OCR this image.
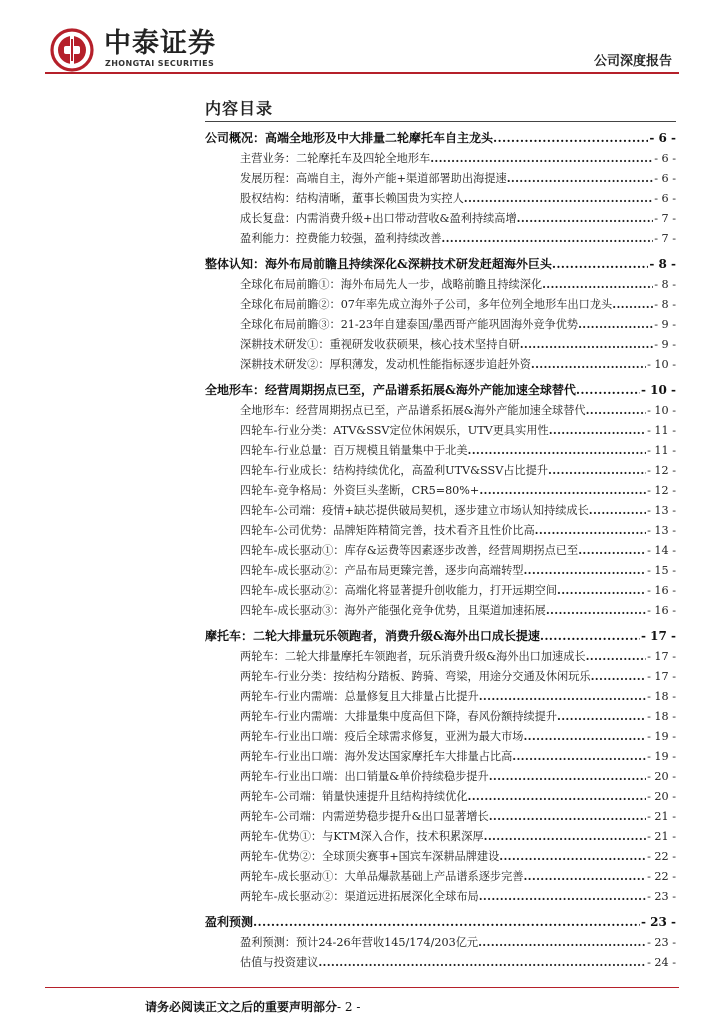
中泰证券
ZHONGTAI SECURITIES	公司深度报告
内容目录
公司概况：高端全地形及中大排量二轮摩托车自主龙头 .....	- 6 -
主营业务：二轮摩托车及四轮全地形车 .....	- 6 -
发展历程：高端自主，海外产能+渠道部署助出海提速 .....	- 6 -
股权结构：结构清晰，董事长赖国贵为实控人 .....	- 6 -
成长复盘：内需消费升级+出口带动营收&盈利持续高增 .....	- 7 -
盈利能力：控费能力较强，盈利持续改善 .....	- 7 -
整体认知：海外布局前瞻且持续深化&深耕技术研发赶超海外巨头 .....	- 8 -
全球化布局前瞻①：海外布局先人一步，战略前瞻且持续深化 .....	- 8 -
全球化布局前瞻②：07年率先成立海外子公司，多年位列全地形车出口龙头 .....	- 8 -
全球化布局前瞻③：21-23年自建泰国/墨西哥产能巩固海外竞争优势 .....	- 9 -
深耕技术研发①：重视研发收获硕果，核心技术坚持自研 .....	- 9 -
深耕技术研发②：厚积薄发，发动机性能指标逐步追赶外资 .....	- 10 -
全地形车：经营周期拐点已至，产品谱系拓展&海外产能加速全球替代 .....	- 10 -
全地形车：经营周期拐点已至，产品谱系拓展&海外产能加速全球替代 .....	- 10 -
四轮车-行业分类：ATV&SSV定位休闲娱乐，UTV更具实用性 .....	- 11 -
四轮车-行业总量：百万规模且销量集中于北美 .....	- 11 -
四轮车-行业成长：结构持续优化，高盈利UTV&SSV占比提升 .....	- 12 -
四轮车-竞争格局：外资巨头垄断，CR5=80%+ .....	- 12 -
四轮车-公司端：疫情+缺芯提供破局契机，逐步建立市场认知持续成长 .....	- 13 -
四轮车-公司优势：品牌矩阵精简完善，技术看齐且性价比高 .....	- 13 -
四轮车-成长驱动①：库存&运费等因素逐步改善，经营周期拐点已至 .....	- 14 -
四轮车-成长驱动②：产品布局更臻完善，逐步向高端转型 .....	- 15 -
四轮车-成长驱动②：高端化将显著提升创收能力，打开远期空间 .....	- 16 -
四轮车-成长驱动③：海外产能强化竞争优势，且渠道加速拓展 .....	- 16 -
摩托车：二轮大排量玩乐领跑者，消费升级&海外出口成长提速 .....	- 17 -
两轮车：二轮大排量摩托车领跑者，玩乐消费升级&海外出口加速成长 .....	- 17 -
两轮车-行业分类：按结构分踏板、跨骑、弯梁，用途分交通及休闲玩乐 .....	- 17 -
两轮车-行业内需端：总量修复且大排量占比提升 .....	- 18 -
两轮车-行业内需端：大排量集中度高但下降，春风份额持续提升 .....	- 18 -
两轮车-行业出口端：疫后全球需求修复，亚洲为最大市场 .....	- 19 -
两轮车-行业出口端：海外发达国家摩托车大排量占比高 .....	- 19 -
两轮车-行业出口端：出口销量&单价持续稳步提升 .....	- 20 -
两轮车-公司端：销量快速提升且结构持续优化 .....	- 20 -
两轮车-公司端：内需逆势稳步提升&出口显著增长 .....	- 21 -
两轮车-优势①：与KTM深入合作，技术积累深厚 .....	- 21 -
两轮车-优势②：全球顶尖赛事+国宾车深耕品牌建设 .....	- 22 -
两轮车-成长驱动①：大单品爆款基础上产品谱系逐步完善 .....	- 22 -
两轮车-成长驱动②：渠道远进拓展深化全球布局 .....	- 23 -
盈利预测 .....	- 23 -
盈利预测：预计24-26年营收145/174/203亿元 .....	- 23 -
估值与投资建议 .....	- 24 -
请务必阅读正文之后的重要声明部分- 2 -
